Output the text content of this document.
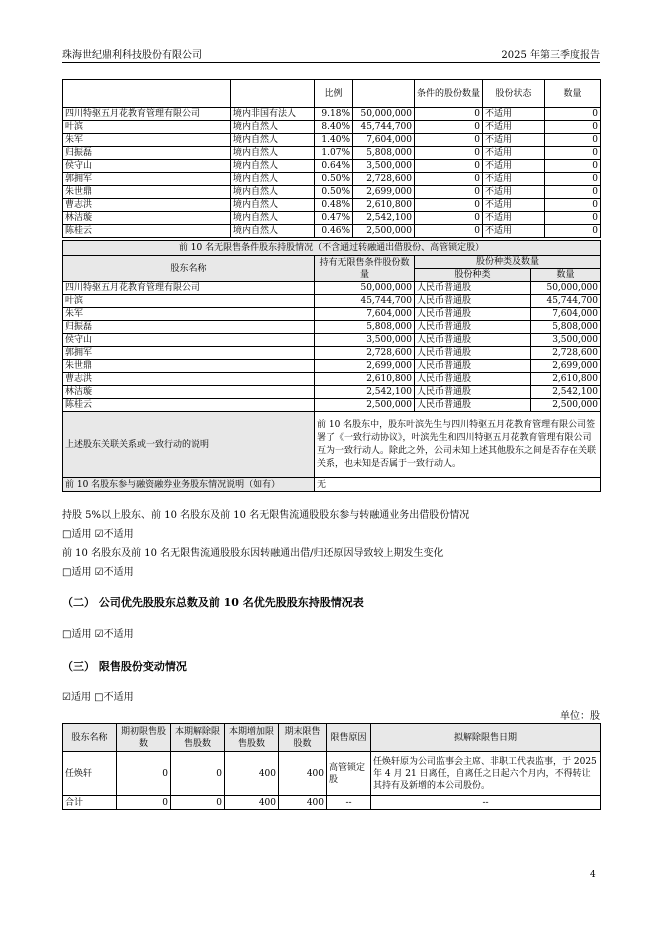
珠海世纪鼎利科技股份有限公司	2025 年第三季度报告
		比例		条件的股份数量	股份状态	数量
四川特驱五月花教育管理有限公司	境内非国有法人	9.18%	50,000,000	0	不适用	0
叶滨	境内自然人	8.40%	45,744,700	0	不适用	0
朱军	境内自然人	1.40%	7,604,000	0	不适用	0
归振磊	境内自然人	1.07%	5,808,000	0	不适用	0
侯守山	境内自然人	0.64%	3,500,000	0	不适用	0
郭拥军	境内自然人	0.50%	2,728,600	0	不适用	0
朱世鼎	境内自然人	0.50%	2,699,000	0	不适用	0
曹志洪	境内自然人	0.48%	2,610,800	0	不适用	0
林洁璇	境内自然人	0.47%	2,542,100	0	不适用	0
陈桂云	境内自然人	0.46%	2,500,000	0	不适用	0
前 10 名无限售条件股东持股情况（不含通过转融通出借股份、高管锁定股）			
股东名称	持有无限售条件股份数量	股份种类及数量	
		股份种类	数量
四川特驱五月花教育管理有限公司	50,000,000	人民币普通股	50,000,000
叶滨	45,744,700	人民币普通股	45,744,700
朱军	7,604,000	人民币普通股	7,604,000
归振磊	5,808,000	人民币普通股	5,808,000
侯守山	3,500,000	人民币普通股	3,500,000
郭拥军	2,728,600	人民币普通股	2,728,600
朱世鼎	2,699,000	人民币普通股	2,699,000
曹志洪	2,610,800	人民币普通股	2,610,800
林洁璇	2,542,100	人民币普通股	2,542,100
陈桂云	2,500,000	人民币普通股	2,500,000
上述股东关联关系或一致行动的说明	前 10 名股东中，股东叶滨先生与四川特驱五月花教育管理有限公司签署了《一致行动协议》，叶滨先生和四川特驱五月花教育管理有限公司互为一致行动人。除此之外，公司未知上述其他股东之间是否存在关联关系，也未知是否属于一致行动人。		
前 10 名股东参与融资融券业务股东情况说明（如有）	无		
持股 5%以上股东、前 10 名股东及前 10 名无限售流通股股东参与转融通业务出借股份情况
□适用 ☑不适用
前 10 名股东及前 10 名无限售流通股股东因转融通出借/归还原因导致较上期发生变化
□适用 ☑不适用
（二） 公司优先股股东总数及前 10 名优先股股东持股情况表
□适用 ☑不适用
（三） 限售股份变动情况
☑适用 □不适用
单位：股
股东名称	期初限售股数	本期解除限售股数	本期增加限售股数	期末限售股数	限售原因	拟解除限售日期
任焕轩	0	0	400	400	高管锁定股	任焕轩原为公司监事会主席、非职工代表监事，于 2025 年 4 月 21 日离任，自离任之日起六个月内，不得转让其持有及新增的本公司股份。
合计	0	0	400	400	--	--
4
